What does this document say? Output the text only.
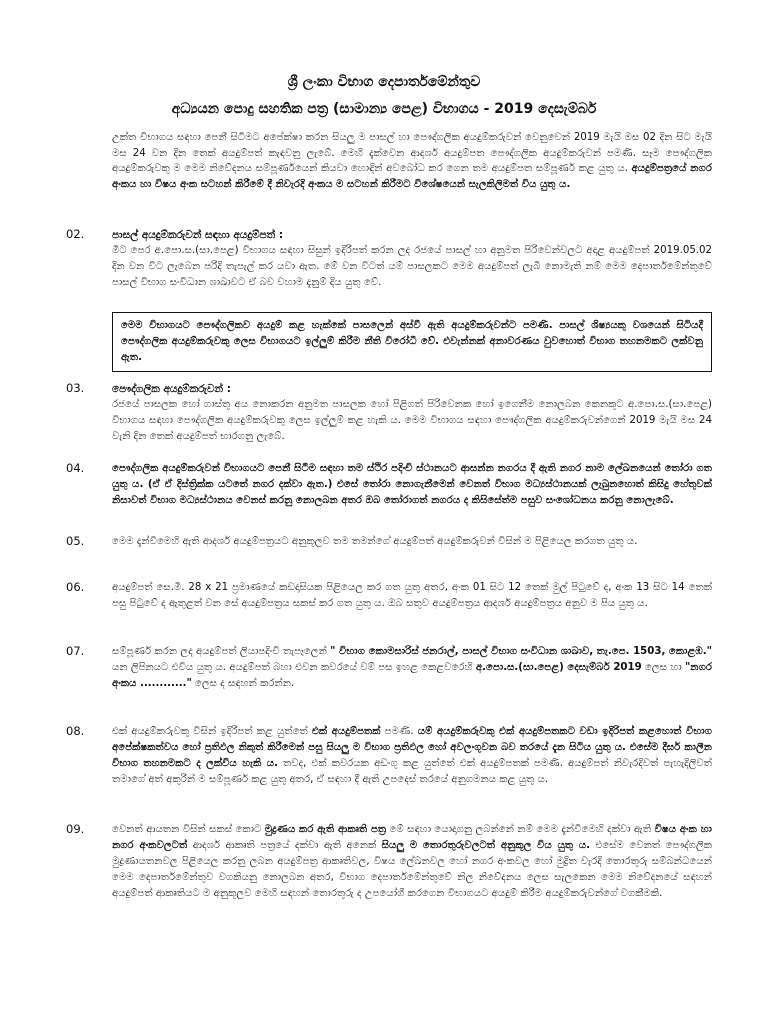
ශ්‍රී ලංකා විභාග දෙපාර්තමේන්තුව
අධ්‍යයන පොදු සහතික පත්‍ර (සාමාන්‍ය පෙළ) විභාගය - 2019 දෙසැම්බර්
උක්ත විභාගය සඳහා පෙනී සිටීමට අපේක්ෂා කරන සියලු ම පාසල් හා පෞද්ගලික අයදුම්කරුවන් වෙනුවෙන් 2019 මැයි මස 02 දින සිට මැයි මස 24 වන දින තෙක් අයදුම්පත් කැඳවනු ලැබේ. මෙහි දැක්වෙන ආදර්ශ අයදුම්පත පෞද්ගලික අයදුම්කරුවන් පමණි. සෑම පෞද්ගලික අයදුම්කරුවකු ම මෙම නිවේදනය සම්පූර්ණයෙන් කියවා හොඳින් අවබෝධ කර ගෙන තම අයදුම්පත සම්පූර්ණ කළ යුතු ය. අයදුම්පත්‍රයේ නගර අංකය හා විෂය අංක සටහන් කිරීමේ දී නිවැරදි අංකය ම සටහන් කිරීමට විශේෂයෙන් සැලකිලිමත් විය යුතු ය.
02.	පාසල් අයදුම්කරුවන් සඳහා අයදුම්පත් :
මීට පෙර අ.පො.ස.(සා.පෙළ) විභාගය සඳහා සිසුන් ඉදිරිපත් කරන ලද රජයේ පාසල් හා අනුමත පිරිවෙන්වලට අදාළ අයදුම්පත් 2019.05.02 දින වන විට ලැබෙන පරිදි තැපැල් කර යවා ඇත. මේ වන විටත් යම් පාසලකට මෙම අයදුම්පත් ලැබී නොමැති නම් මෙම දෙපාර්තමේන්තුවේ පාසල් විභාග සංවිධාන ශාඛාවට ඒ බව වහාම දැනුම් දිය යුතු වේ.
මෙම විභාගයට පෞද්ගලිකව අයදුම් කළ හැක්කේ පාසලෙන් අස්වී ඇති අයදුම්කරුවන්ට පමණි. පාසල් ශිෂ්‍යයකු වශයෙන් සිටියදී පෞද්ගලික අයදුම්කරුවකු ලෙස විභාගයට ඉල්ලුම් කිරීම නීති විරෝධී වේ. එවැන්නක් අනාවරණය වුවහොත් විභාග තහනමකට ලක්වනු ඇත.
03.	පෞද්ගලික අයදුම්කරුවන් :
රජයේ පාසලක හෝ ගාස්තු අය නොකරන අනුමත පාසලක හෝ පිළිගත් පිරිවෙනක හෝ ඉගෙනීම නොලබන කෙනකුට අ.පො.ස.(සා.පෙළ) විභාගය සඳහා පෞද්ගලික අයදුම්කරුවකු ලෙස ඉල්ලුම් කළ හැකි ය. මෙම විභාගය සඳහා පෞද්ගලික අයදුම්කරුවන්ගෙන් 2019 මැයි මස 24 වැනි දින තෙක් අයදුම්පත් භාරගනු ලැබේ.
04.	පෞද්ගලික අයදුම්කරුවන් විභාගයට පෙනී සිටීම සඳහා තම ස්ථිර පදිංචි ස්ථානයට ආසන්න නගරය දී ඇති නගර නාම ලේඛනයෙන් තෝරා ගත යුතු ය. (ඒ ඒ දිස්ත්‍රික්ක යටතේ නගර දක්වා ඇත.) එසේ තෝරා නොගැනීමෙන් වෙනත් විභාග මධ්‍යස්ථානයක් ලැබුනහොත් කිසිදු හේතුවක් නිසාවත් විභාග මධ්‍යස්ථානය වෙනස් කරනු නොලබන අතර ඔබ තෝරාගත් නගරය ද කිසිසේත්ම පසුව සංශෝධනය කරනු නොලැබේ.
05.	මෙම දැන්වීමෙහි ඇති ආදර්ශ අයදුම්පත්‍රයට අනුකූලව තම තමන්ගේ අයදුම්පත් අයදුම්කරුවන් විසින් ම පිළියෙල කරගත යුතු ය.
06.	අයදුම්පත් සෙ.මී. 28 x 21 ප්‍රමාණයේ කඩදාසියක පිළියෙල කර ගත යුතු අතර, අංක 01 සිට 12 තෙක් මුල් පිටුවේ ද, අංක 13 සිට 14 තෙක් පසු පිටුවේ ද ඇතුළත් වන සේ අයදුම්පත්‍රය සකස් කර ගත යුතු ය. ඔබ සතුව අයදුම්පත්‍රය ආදර්ශ අයදුම්පත්‍රය අනුව ම පිය යුතු ය.
07.	සම්පූර්ණ කරන ලද අයදුම්පත් ලියාපදිංචි තැපෑලෙන් " විභාග කොමසාරිස් ජනරාල්, පාසල් විභාග සංවිධාන ශාඛාව, තැ.පෙ. 1503, කොළඹ." යන ලිපිනයට එවිය යුතු ය. අයදුම්පත් බහා එවන කවරයේ වම් පස ඉහළ කෙළවරෙහි අ.පො.ස.(සා.පෙළ) දෙසැම්බර් 2019 ලෙස හා "නගර අංකය ............" ලෙස ද සඳහන් කරන්න.
08.	එක් අයදුම්කරුවකු විසින් ඉදිරිපත් කළ යුත්තේ එක් අයදුම්පතක් පමණි. යම් අයදුම්කරුවකු එක් අයදුම්පතකට වඩා ඉදිරිපත් කළහොත් විභාග අපේක්ෂකත්වය හෝ ප්‍රතිඵල නිකුත් කිරීමෙන් පසු සියලු ම විභාග ප්‍රතිඵල හෝ අවලංගුවන බව තරයේ දැන සිටිය යුතු ය. එසේම දීර්ඝ කාලීන විභාග තහනමකට ද ලක්විය හැකි ය. තවද, එක් කවරයක අඩංගු කළ යුත්තේ එක් අයදුම්පතක් පමණි. අයදුම්පත් නිවැරදිවත් පැහැදිලිවත් තමාගේ අත් අකුරින් ම සම්පූර්ණ කළ යුතු අතර, ඒ සඳහා දී ඇති උපදෙස් තරයේ අනුගමනය කළ යුතු ය.
09.	වෙනත් ආයතන විසින් සකස් කොට මුද්‍රණය කර ඇති ආකෘති පත්‍ර මේ සඳහා යොදාගනු ලබන්නේ නම් මෙම දැන්වීමෙහි දක්වා ඇති විෂය අංක හා නගර අංකවලටත් ආදර්ශ ආකෘති පත්‍රයේ දක්වා ඇති අනෙක් සියලු ම තොරතුරුවලටත් අනුකූල විය යුතු ය. එසේම වෙනත් පෞද්ගලික මුද්‍රණායතනවල පිළියෙල කරනු ලබන අයදුම්පත්‍ර ආකෘතිවල, විෂය ලේඛනවල හෝ නගර අංකවල හෝ මුද්‍රිත වැරදි තොරතුරු සම්බන්ධයෙන් මෙම දෙපාර්තමේන්තුව වගකියනු නොලබන අතර, විභාග දෙපාර්තමේන්තුවේ නිල නිවේදනය ලෙස සැලකෙන මෙම නිවේදනයේ සඳහන් අයදුම්පත් ආකෘතියට ම අනුකූලව මෙහි සඳහන් තොරතුරු ද උපයෝගී කරගෙන විභාගයට අයදුම් කිරීම අයදුම්කරුවන්ගේ වගකීමකි.
